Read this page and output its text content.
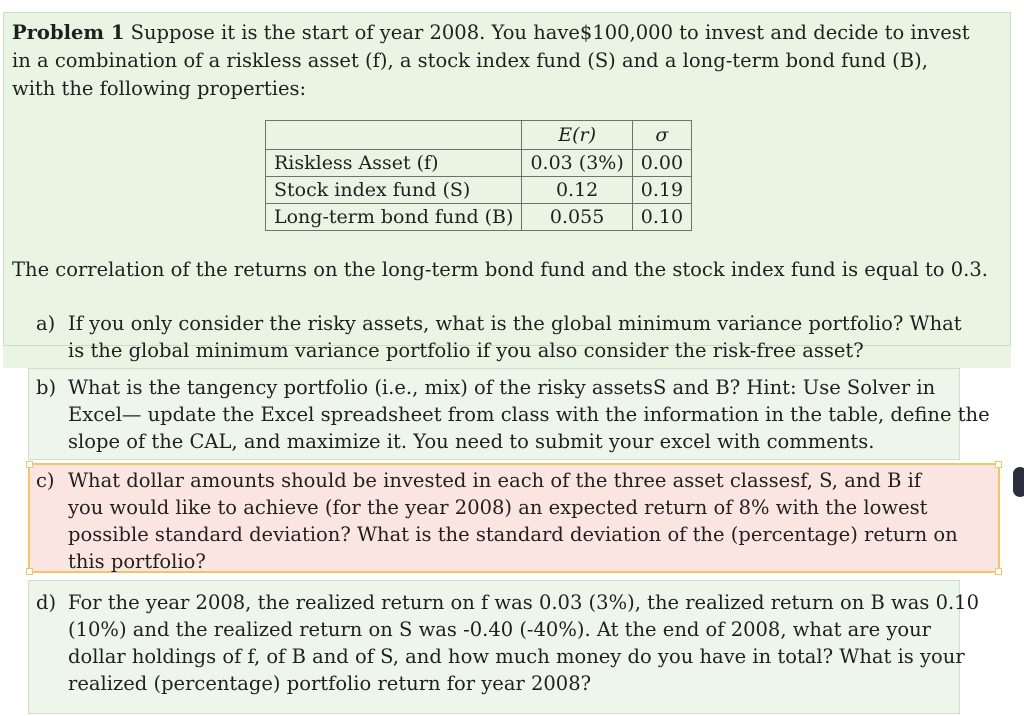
Problem 1 Suppose it is the start of year 2008. You have$100,000 to invest and decide to invest
in a combination of a riskless asset (f), a stock index fund (S) and a long-term bond fund (B),
with the following properties:
	E(r)	σ
Riskless Asset (f)	0.03 (3%)	0.00
Stock index fund (S)	0.12	0.19
Long-term bond fund (B)	0.055	0.10
The correlation of the returns on the long-term bond fund and the stock index fund is equal to 0.3.
a) If you only consider the risky assets, what is the global minimum variance portfolio? What
is the global minimum variance portfolio if you also consider the risk-free asset?
b) What is the tangency portfolio (i.e., mix) of the risky assetsS and B? Hint: Use Solver in
Excel— update the Excel spreadsheet from class with the information in the table, define the
slope of the CAL, and maximize it. You need to submit your excel with comments.
c) What dollar amounts should be invested in each of the three asset classesf, S, and B if
you would like to achieve (for the year 2008) an expected return of 8% with the lowest
possible standard deviation? What is the standard deviation of the (percentage) return on
this portfolio?
d) For the year 2008, the realized return on f was 0.03 (3%), the realized return on B was 0.10
(10%) and the realized return on S was -0.40 (-40%). At the end of 2008, what are your
dollar holdings of f, of B and of S, and how much money do you have in total? What is your
realized (percentage) portfolio return for year 2008?
